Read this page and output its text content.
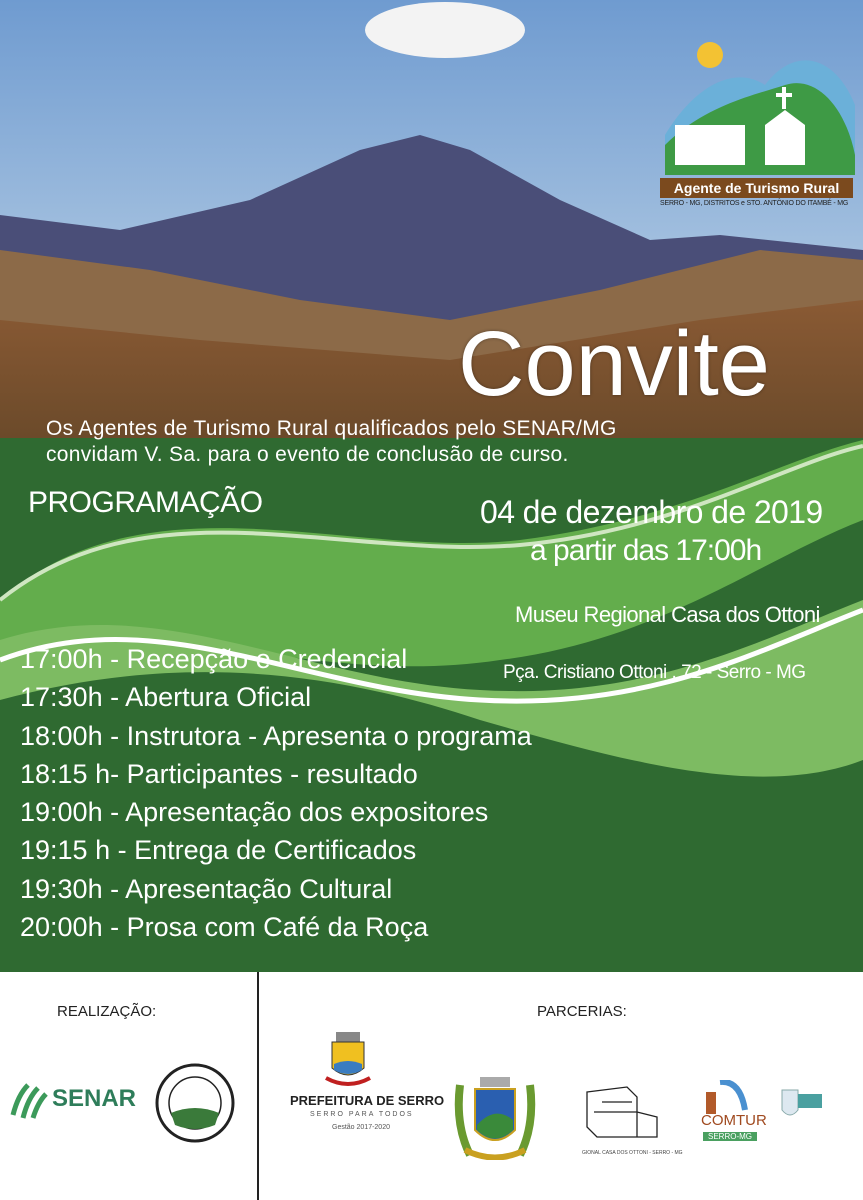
Agente de Turismo Rural
SERRO - MG, DISTRITOS e STO. ANTÔNIO DO ITAMBÉ - MG
Convite
Os Agentes de Turismo Rural qualificados pelo SENAR/MG
convidam V. Sa. para o evento de conclusão de curso.
PROGRAMAÇÃO	04 de dezembro de 2019
a partir das 17:00h
Museu Regional Casa dos Ottoni
Pça. Cristiano Ottoni , 72 - Serro - MG
17:00h - Recepção e Credencial
17:30h - Abertura Oficial
18:00h - Instrutora - Apresenta o programa
18:15 h- Participantes - resultado
19:00h - Apresentação dos expositores
19:15 h - Entrega de Certificados
19:30h - Apresentação Cultural
20:00h - Prosa com Café da Roça
REALIZAÇÃO:	PARCERIAS:
SENAR	PREFEITURA DE SERRO
SERRO PARA TODOS
Gestão 2017-2020
GIONAL CASA DOS OTTONI - SERRO - MG
COMTUR
SERRO-MG
